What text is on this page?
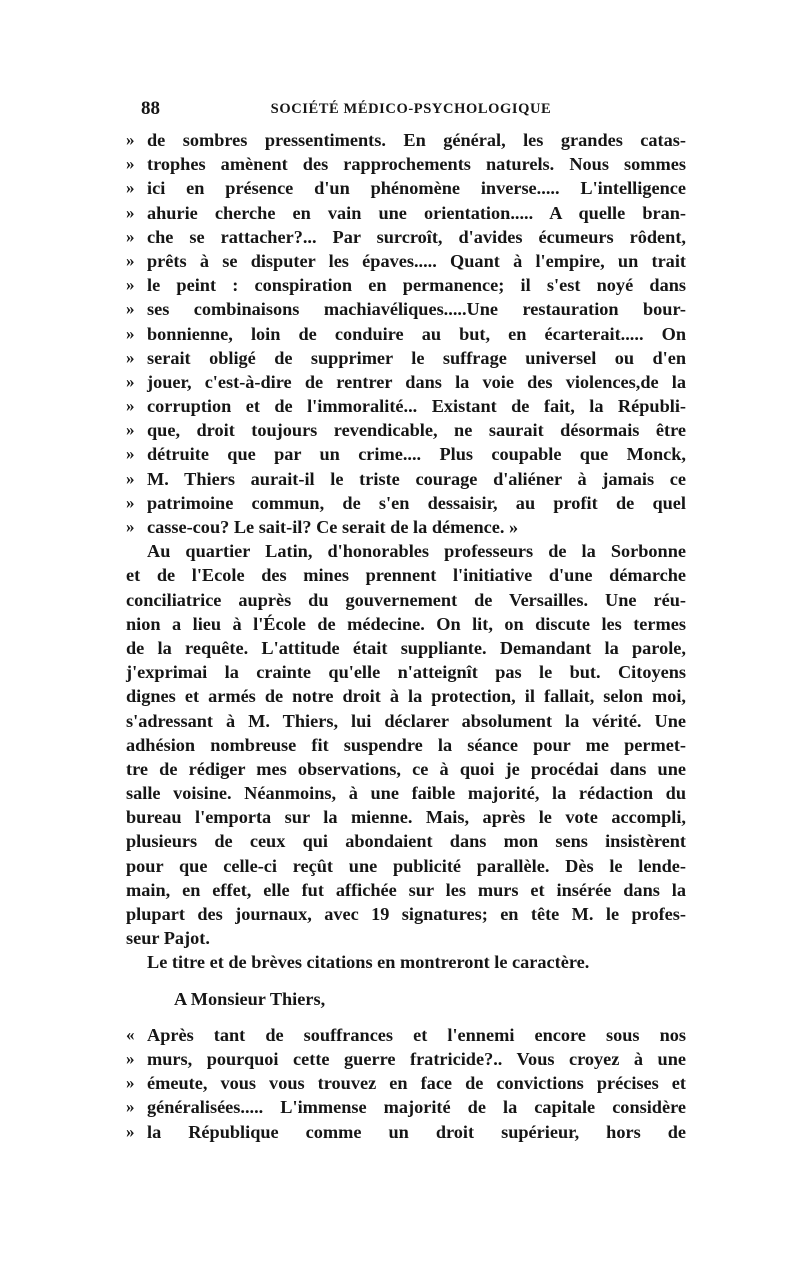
88	SOCIÉTÉ MÉDICO-PSYCHOLOGIQUE
» de sombres pressentiments. En général, les grandes catas-
» trophes amènent des rapprochements naturels. Nous sommes
» ici en présence d'un phénomène inverse..... L'intelligence
» ahurie cherche en vain une orientation..... A quelle bran-
» che se rattacher?... Par surcroît, d'avides écumeurs rôdent,
» prêts à se disputer les épaves..... Quant à l'empire, un trait
» le peint : conspiration en permanence; il s'est noyé dans
» ses combinaisons machiavéliques.....Une restauration bour-
» bonnienne, loin de conduire au but, en écarterait..... On
» serait obligé de supprimer le suffrage universel ou d'en
» jouer, c'est-à-dire de rentrer dans la voie des violences,de la
» corruption et de l'immoralité... Existant de fait, la Républi-
» que, droit toujours revendicable, ne saurait désormais être
» détruite que par un crime.... Plus coupable que Monck,
» M. Thiers aurait-il le triste courage d'aliéner à jamais ce
» patrimoine commun, de s'en dessaisir, au profit de quel
» casse-cou? Le sait-il? Ce serait de la démence. »
Au quartier Latin, d'honorables professeurs de la Sorbonne
et de l'Ecole des mines prennent l'initiative d'une démarche
conciliatrice auprès du gouvernement de Versailles. Une réu-
nion a lieu à l'École de médecine. On lit, on discute les termes
de la requête. L'attitude était suppliante. Demandant la parole,
j'exprimai la crainte qu'elle n'atteignît pas le but. Citoyens
dignes et armés de notre droit à la protection, il fallait, selon moi,
s'adressant à M. Thiers, lui déclarer absolument la vérité. Une
adhésion nombreuse fit suspendre la séance pour me permet-
tre de rédiger mes observations, ce à quoi je procédai dans une
salle voisine. Néanmoins, à une faible majorité, la rédaction du
bureau l'emporta sur la mienne. Mais, après le vote accompli,
plusieurs de ceux qui abondaient dans mon sens insistèrent
pour que celle-ci reçût une publicité parallèle. Dès le lende-
main, en effet, elle fut affichée sur les murs et insérée dans la
plupart des journaux, avec 19 signatures; en tête M. le profes-
seur Pajot.
Le titre et de brèves citations en montreront le caractère.
A Monsieur Thiers,
« Après tant de souffrances et l'ennemi encore sous nos
» murs, pourquoi cette guerre fratricide?.. Vous croyez à une
» émeute, vous vous trouvez en face de convictions précises et
» généralisées..... L'immense majorité de la capitale considère
» la République comme un droit supérieur, hors de
